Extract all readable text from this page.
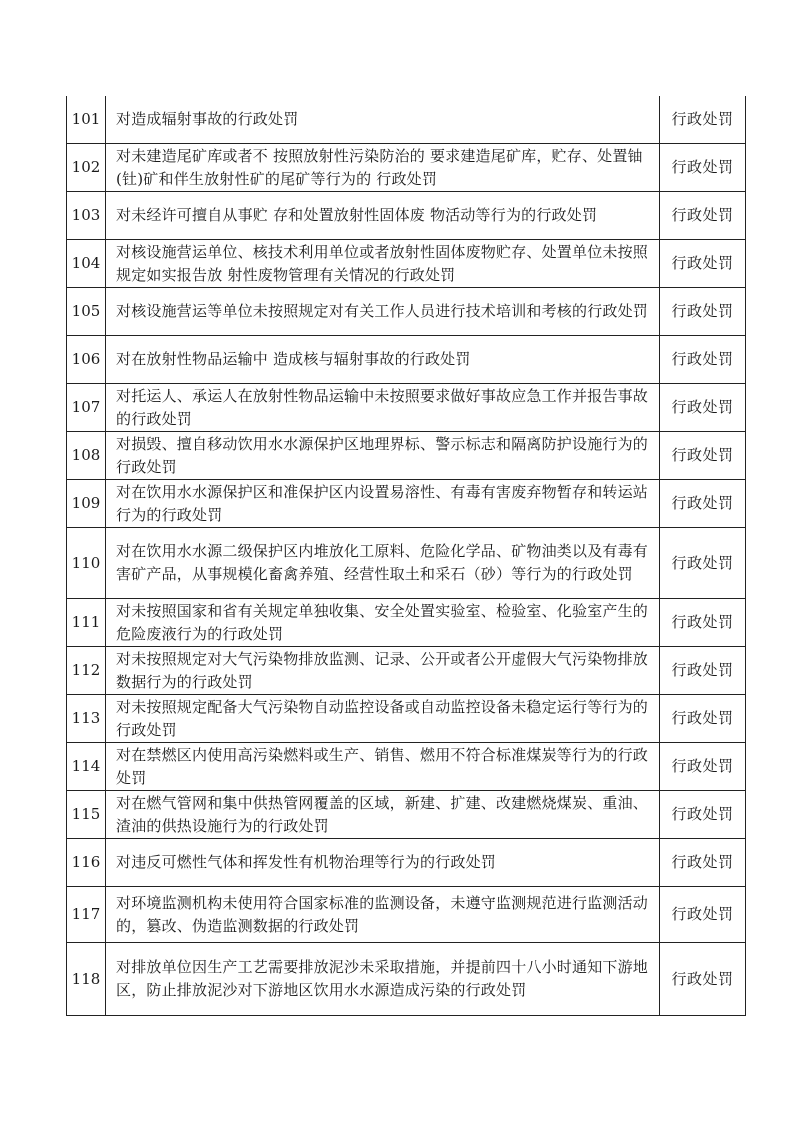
101	对造成辐射事故的行政处罚	行政处罚
102	对未建造尾矿库或者不 按照放射性污染防治的 要求建造尾矿库，贮存、处置铀(钍)矿和伴生放射性矿的尾矿等行为的 行政处罚	行政处罚
103	对未经许可擅自从事贮 存和处置放射性固体废 物活动等行为的行政处罚	行政处罚
104	对核设施营运单位、核技术利用单位或者放射性固体废物贮存、处置单位未按照规定如实报告放 射性废物管理有关情况的行政处罚	行政处罚
105	对核设施营运等单位未按照规定对有关工作人员进行技术培训和考核的行政处罚	行政处罚
106	对在放射性物品运输中 造成核与辐射事故的行政处罚	行政处罚
107	对托运人、承运人在放射性物品运输中未按照要求做好事故应急工作并报告事故的行政处罚	行政处罚
108	对损毁、擅自移动饮用水水源保护区地理界标、警示标志和隔离防护设施行为的行政处罚	行政处罚
109	对在饮用水水源保护区和准保护区内设置易溶性、有毒有害废弃物暂存和转运站行为的行政处罚	行政处罚
110	对在饮用水水源二级保护区内堆放化工原料、危险化学品、矿物油类以及有毒有害矿产品，从事规模化畜禽养殖、经营性取土和采石（砂）等行为的行政处罚	行政处罚
111	对未按照国家和省有关规定单独收集、安全处置实验室、检验室、化验室产生的危险废液行为的行政处罚	行政处罚
112	对未按照规定对大气污染物排放监测、记录、公开或者公开虚假大气污染物排放数据行为的行政处罚	行政处罚
113	对未按照规定配备大气污染物自动监控设备或自动监控设备未稳定运行等行为的行政处罚	行政处罚
114	对在禁燃区内使用高污染燃料或生产、销售、燃用不符合标准煤炭等行为的行政处罚	行政处罚
115	对在燃气管网和集中供热管网覆盖的区域，新建、扩建、改建燃烧煤炭、重油、渣油的供热设施行为的行政处罚	行政处罚
116	对违反可燃性气体和挥发性有机物治理等行为的行政处罚	行政处罚
117	对环境监测机构未使用符合国家标准的监测设备，未遵守监测规范进行监测活动的，篡改、伪造监测数据的行政处罚	行政处罚
118	对排放单位因生产工艺需要排放泥沙未采取措施，并提前四十八小时通知下游地区，防止排放泥沙对下游地区饮用水水源造成污染的行政处罚	行政处罚
